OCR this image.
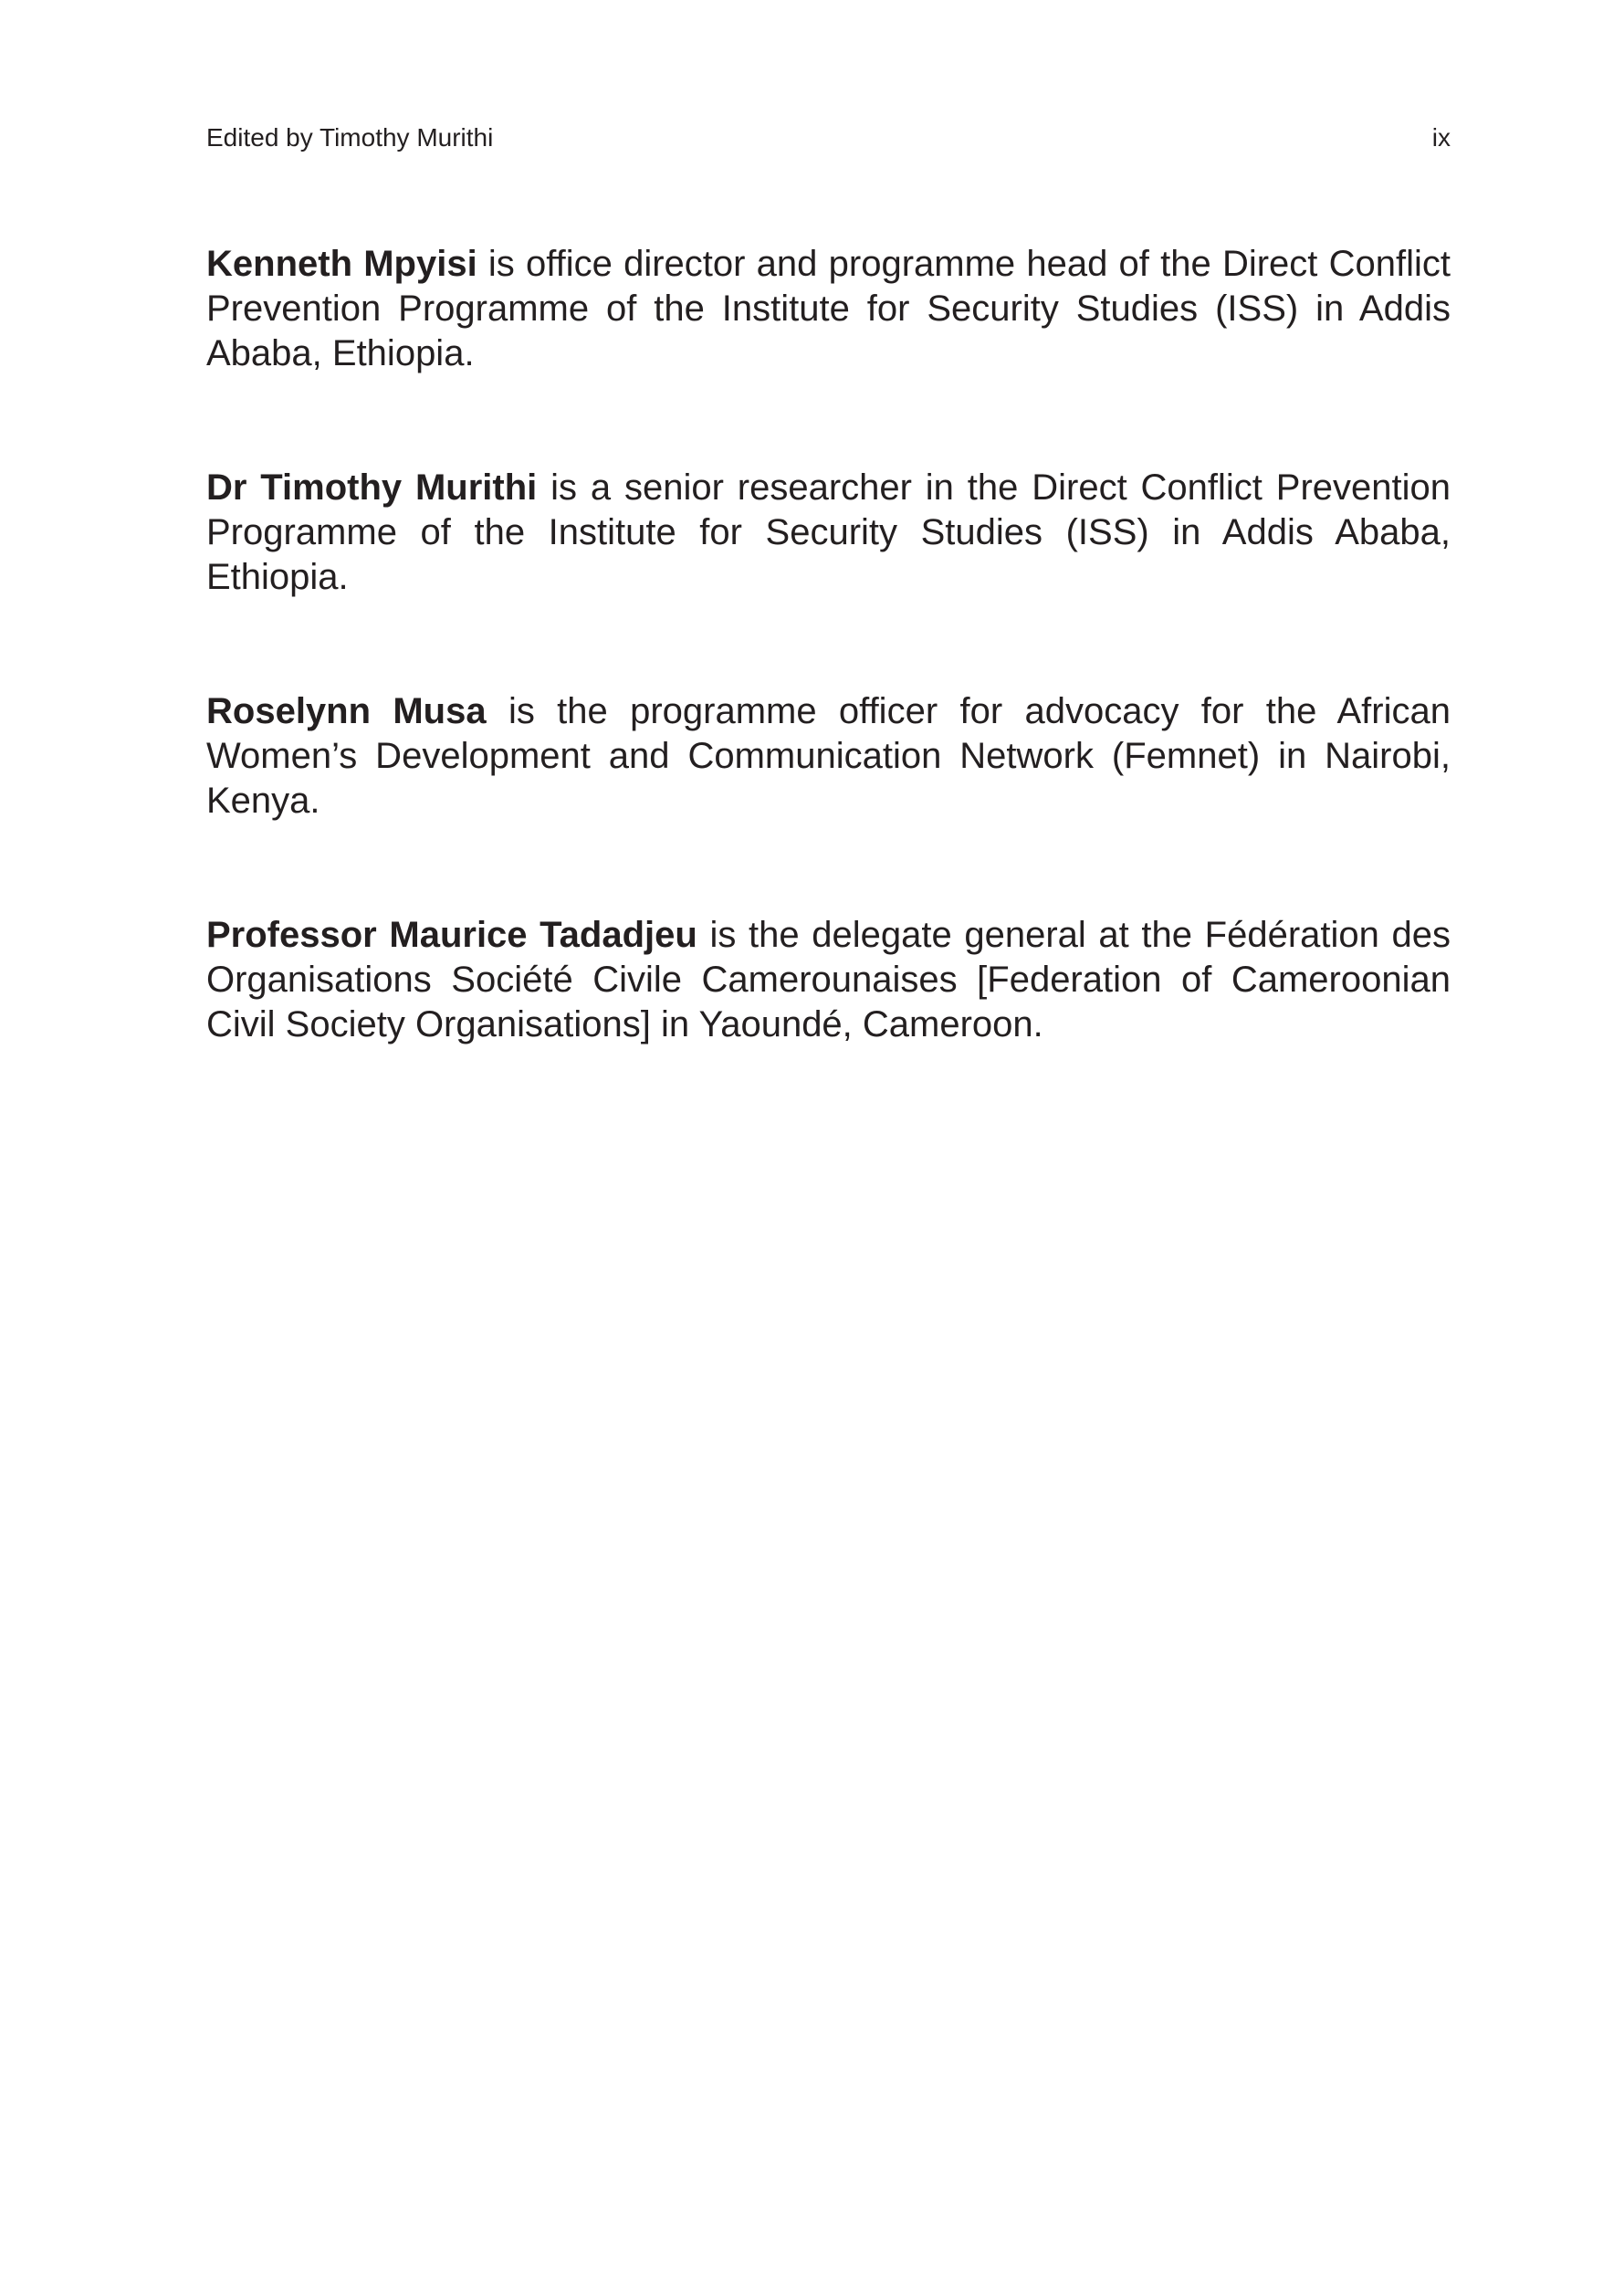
Edited by Timothy Murithi	ix

Kenneth Mpyisi is office director and programme head of the Direct Conflict Prevention Programme of the Institute for Security Studies (ISS) in Addis Ababa, Ethiopia.

Dr Timothy Murithi is a senior researcher in the Direct Conflict Prevention Programme of the Institute for Security Studies (ISS) in Addis Ababa, Ethiopia.

Roselynn Musa is the programme officer for advocacy for the African Women’s Development and Communication Network (Femnet) in Nairobi, Kenya.

Professor Maurice Tadadjeu is the delegate general at the Fédération des Organisations Société Civile Camerounaises [Federation of Cameroonian Civil Society Organisations] in Yaoundé, Cameroon.
